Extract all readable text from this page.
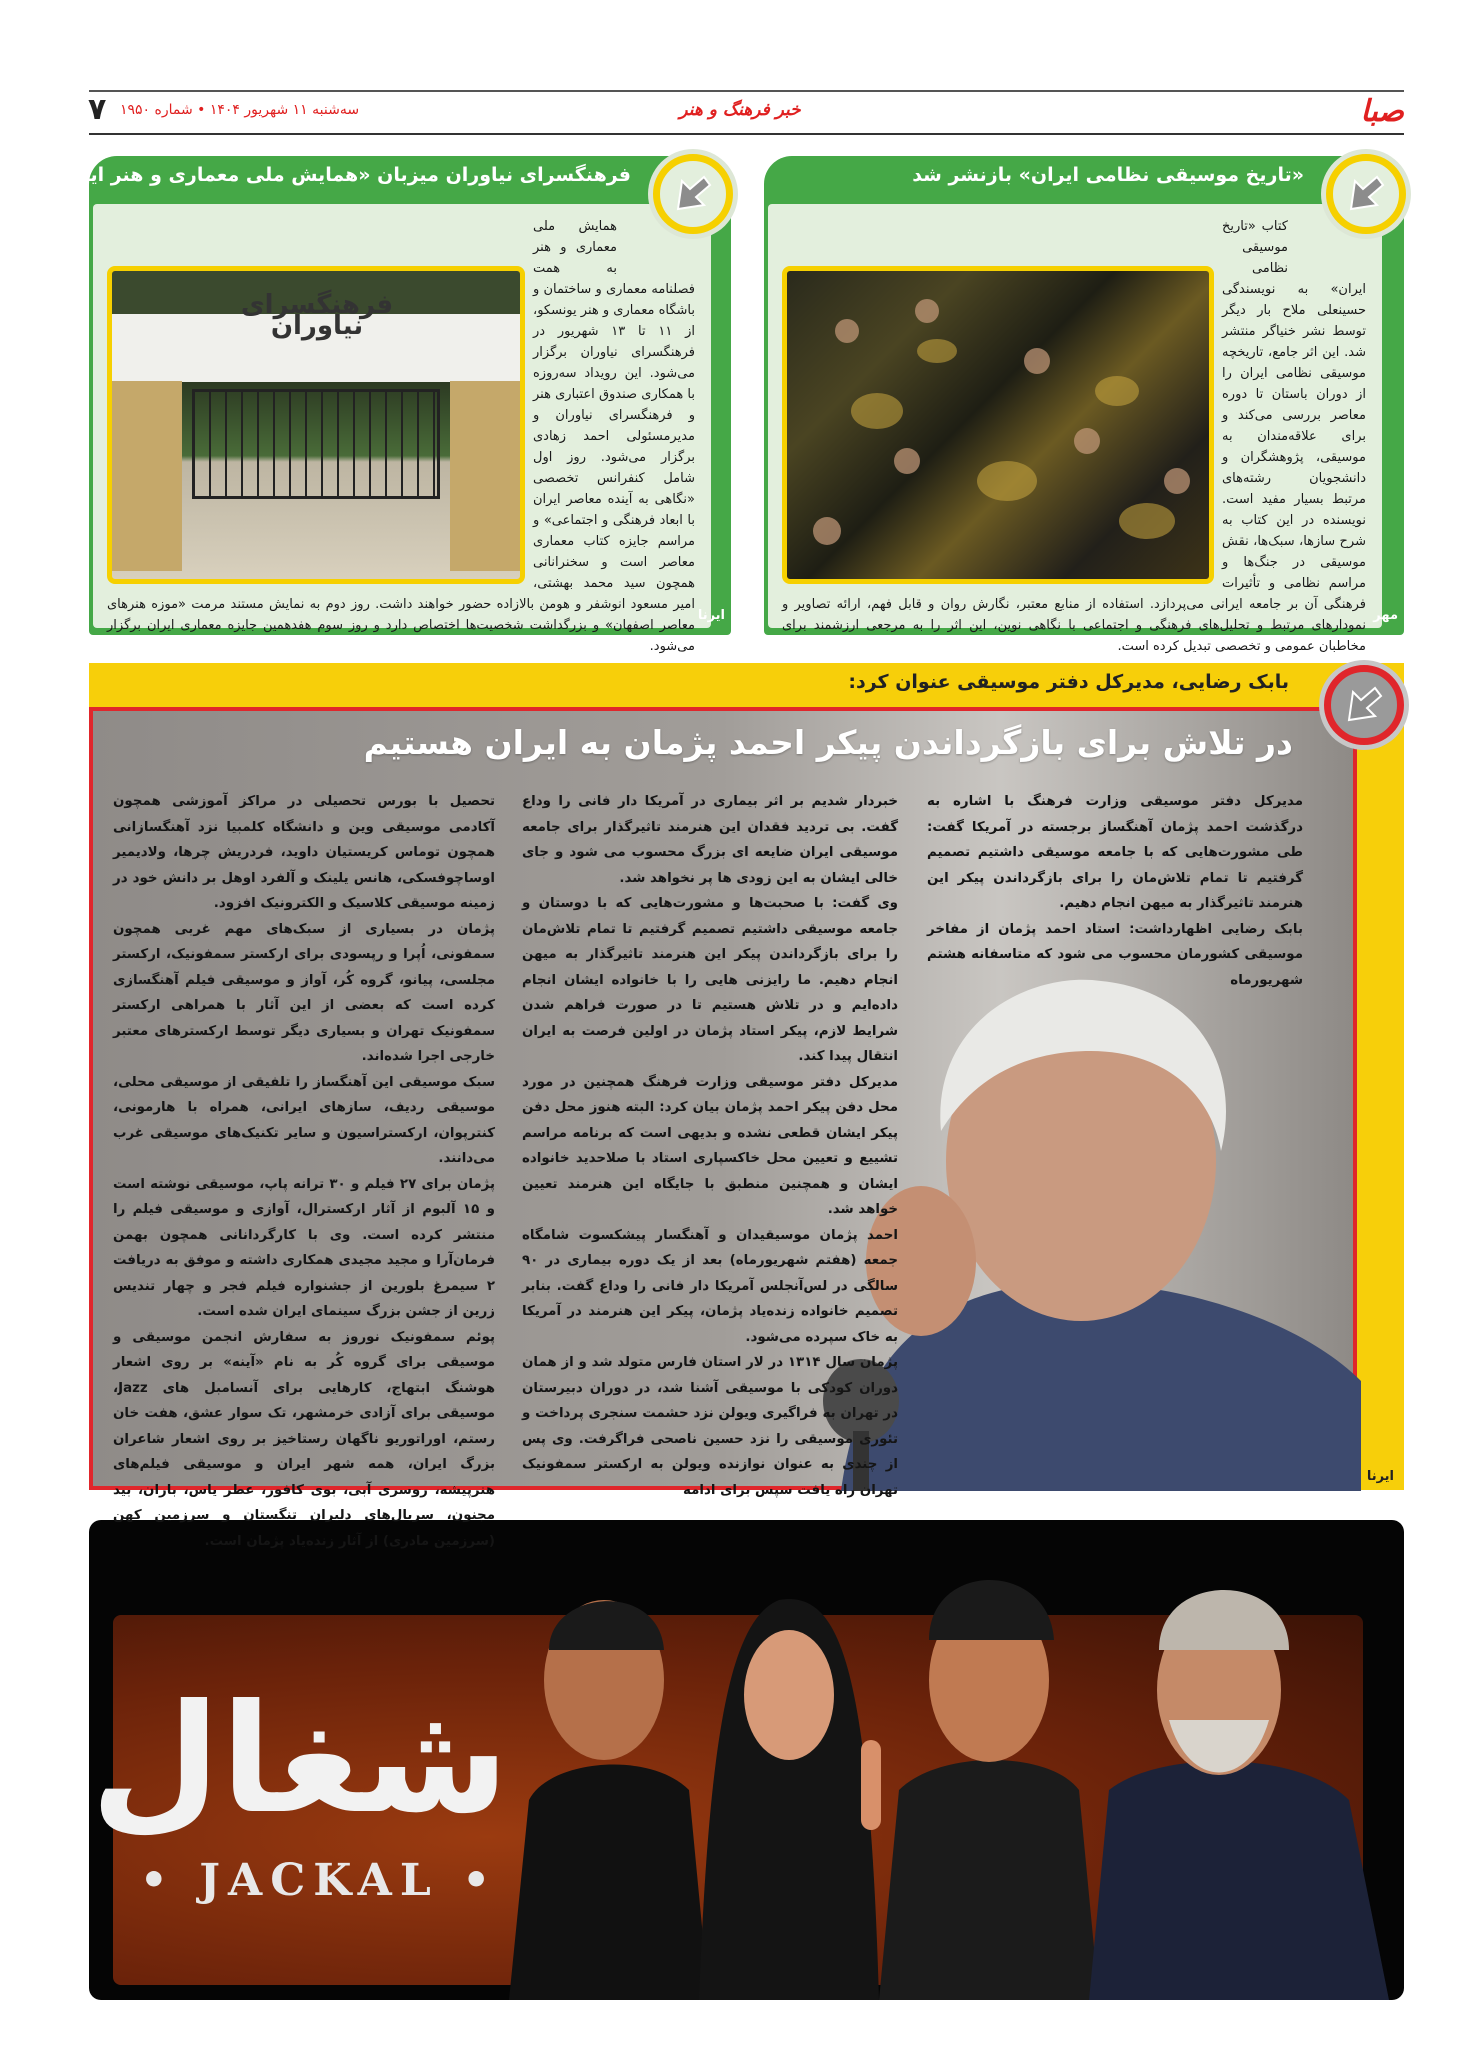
صبا
خبر فرهنگ و هنر
سه‌شنبه ۱۱ شهریور ۱۴۰۴ • شماره ۱۹۵۰
۷
«تاریخ موسیقی نظامی ایران» بازنشر شد
کتاب «تاریخ موسیقی نظامی ایران» به نویسندگی حسینعلی ملاح بار دیگر توسط نشر خنیاگر منتشر شد. این اثر جامع، تاریخچه موسیقی نظامی ایران را از دوران باستان تا دوره معاصر بررسی می‌کند و برای علاقه‌مندان به موسیقی، پژوهشگران و دانشجویان رشته‌های مرتبط بسیار مفید است. نویسنده در این کتاب به شرح سازها، سبک‌ها، نقش موسیقی در جنگ‌ها و مراسم نظامی و تأثیرات فرهنگی آن بر جامعه ایرانی می‌پردازد. استفاده از منابع معتبر، نگارش روان و قابل فهم، ارائه تصاویر و نمودارهای مرتبط و تحلیل‌های فرهنگی و اجتماعی با نگاهی نوین، این اثر را به مرجعی ارزشمند برای مخاطبان عمومی و تخصصی تبدیل کرده است.
مهر
فرهنگسرای نیاوران میزبان «همایش ملی معماری و هنر ایران»
فرهنگسرای نیاوران
همایش ملی معماری و هنر به همت فصلنامه معماری و ساختمان و باشگاه معماری و هنر یونسکو، از ۱۱ تا ۱۳ شهریور در فرهنگسرای نیاوران برگزار می‌شود. این رویداد سه‌روزه با همکاری صندوق اعتباری هنر و فرهنگسرای نیاوران و مدیرمسئولی احمد زهادی برگزار می‌شود. روز اول شامل کنفرانس تخصصی «نگاهی به آینده معاصر ایران با ابعاد فرهنگی و اجتماعی» و مراسم جایزه کتاب معماری معاصر است و سخنرانانی همچون سید محمد بهشتی، امیر مسعود انوشفر و هومن بالازاده حضور خواهند داشت. روز دوم به نمایش مستند مرمت «موزه هنرهای معاصر اصفهان» و بزرگداشت شخصیت‌ها اختصاص دارد و روز سوم هفدهمین جایزه معماری ایران برگزار می‌شود.
ایرنا
بابک رضایی، مدیرکل دفتر موسیقی عنوان کرد:
در تلاش برای بازگرداندن پیکر احمد پژمان به ایران هستیم

مدیرکل دفتر موسیقی وزارت فرهنگ با اشاره به درگذشت احمد پژمان آهنگساز برجسته در آمریکا گفت: طی مشورت‌هایی که با جامعه موسیقی داشتیم تصمیم گرفتیم تا تمام تلاش‌مان را برای بازگرداندن پیکر این هنرمند تاثیرگذار به میهن انجام دهیم.

بابک رضایی اظهارداشت: استاد احمد پژمان از مفاخر موسیقی کشورمان محسوب می شود که متاسفانه هشتم شهریورماه

خبردار شدیم بر اثر بیماری در آمریکا دار فانی را وداع گفت. بی تردید فقدان این هنرمند تاثیرگذار برای جامعه موسیقی ایران ضایعه ای بزرگ محسوب می شود و جای خالی ایشان به این زودی ها پر نخواهد شد.

وی گفت: با صحبت‌ها و مشورت‌هایی که با دوستان و جامعه موسیقی داشتیم تصمیم گرفتیم تا تمام تلاش‌مان را برای بازگرداندن پیکر این هنرمند تاثیرگذار به میهن انجام دهیم. ما رایزنی هایی را با خانواده ایشان انجام داده‌ایم و در تلاش هستیم تا در صورت فراهم شدن شرایط لازم، پیکر استاد پژمان در اولین فرصت به ایران انتقال پیدا کند.

مدیرکل دفتر موسیقی وزارت فرهنگ همچنین در مورد محل دفن پیکر احمد پژمان بیان کرد: البته هنوز محل دفن پیکر ایشان قطعی نشده و بدیهی است که برنامه مراسم تشییع و تعیین محل خاکسپاری استاد با صلاحدید خانواده ایشان و همچنین منطبق با جایگاه این هنرمند تعیین خواهد شد.

احمد پژمان موسیقیدان و آهنگسار پیشکسوت شامگاه جمعه (هفتم شهریورماه) بعد از یک دوره بیماری در ۹۰ سالگی در لس‌آنجلس آمریکا دار فانی را وداع گفت. بنابر تصمیم خانواده زنده‌یاد پژمان، پیکر این هنرمند در آمریکا به خاک سپرده می‌شود.

پژمان سال ۱۳۱۴ در لار استان فارس متولد شد و از همان دوران کودکی با موسیقی آشنا شد، در دوران دبیرستان در تهران به فراگیری ویولن نزد حشمت سنجری پرداخت و تئوری موسیقی را نزد حسین ناصحی فراگرفت. وی پس از چندی به عنوان نوازنده ویولن به ارکستر سمفونیک تهران راه یافت سپس برای ادامه

تحصیل با بورس تحصیلی در مراکز آموزشی همچون آکادمی موسیقی وین و دانشگاه کلمبیا نزد آهنگسازانی همچون توماس کریستیان داوید، فردریش چرها، ولادیمیر اوساچوفسکی، هانس یلینک و آلفرد اوهل بر دانش خود در زمینه موسیقی کلاسیک و الکترونیک افزود.

پژمان در بسیاری از سبک‌های مهم غربی همچون سمفونی، اُپرا و رپسودی برای ارکستر سمفونیک، ارکستر مجلسی، پیانو، گروه کُر، آواز و موسیقی فیلم آهنگسازی کرده است که بعضی از این آثار با همراهی ارکستر سمفونیک تهران و بسیاری دیگر توسط ارکسترهای معتبر خارجی اجرا شده‌اند.

سبک موسیقی این آهنگساز را تلفیقی از موسیقی محلی، موسیقی ردیف، سازهای ایرانی، همراه با هارمونی، کنترپوان، ارکستراسیون و سایر تکنیک‌های موسیقی غرب می‌دانند.

پژمان برای ۲۷ فیلم و ۳۰ ترانه پاپ، موسیقی نوشته است و ۱۵ آلبوم از آثار ارکسترال، آوازی و موسیقی فیلم را منتشر کرده است. وی با کارگردانانی همچون بهمن فرمان‌آرا و مجید مجیدی همکاری داشته و موفق به دریافت ۲ سیمرغ بلورین از جشنواره فیلم فجر و چهار تندیس زرین از جشن بزرگ سینمای ایران شده است.

پوئم سمفونیک نوروز به سفارش انجمن موسیقی و موسیقی برای گروه کُر به نام «آینه» بر روی اشعار هوشنگ ابتهاج، کارهایی برای آنسامبل های Jazz، موسیقی برای آزادی خرمشهر، تک سوار عشق، هفت خان رستم، اوراتوریو ناگهان رستاخیز بر روی اشعار شاعران بزرگ ایران، همه شهر ایران و موسیقی فیلم‌های هنرپیشه، روسری آبی، بوی کافور، عطر یاس، باران، بید مجنون، سریال‌های دلیران تنگستان و سرزمین کهن (سرزمین مادری) از آثار زنده‌یاد پژمان است.

ایرنا
شغال
• JACKAL •
